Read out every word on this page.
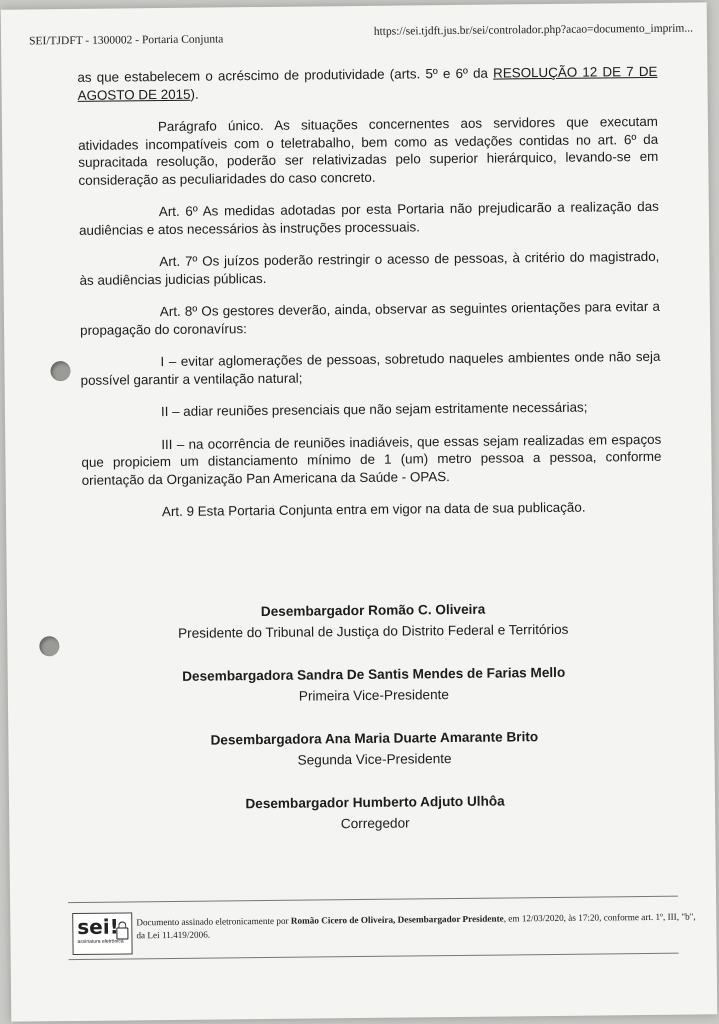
SEI/TJDFT - 1300002 - Portaria Conjunta
https://sei.tjdft.jus.br/sei/controlador.php?acao=documento_imprim...

as que estabelecem o acréscimo de produtividade (arts. 5º e 6º da RESOLUÇÃO 12 DE 7 DE AGOSTO DE 2015).

Parágrafo único. As situações concernentes aos servidores que executam atividades incompatíveis com o teletrabalho, bem como as vedações contidas no art. 6º da supracitada resolução, poderão ser relativizadas pelo superior hierárquico, levando-se em consideração as peculiaridades do caso concreto.

Art. 6º As medidas adotadas por esta Portaria não prejudicarão a realização das audiências e atos necessários às instruções processuais.

Art. 7º Os juízos poderão restringir o acesso de pessoas, à critério do magistrado, às audiências judicias públicas.

Art. 8º Os gestores deverão, ainda, observar as seguintes orientações para evitar a propagação do coronavírus:

I – evitar aglomerações de pessoas, sobretudo naqueles ambientes onde não seja possível garantir a ventilação natural;

II – adiar reuniões presenciais que não sejam estritamente necessárias;

III – na ocorrência de reuniões inadiáveis, que essas sejam realizadas em espaços que propiciem um distanciamento mínimo de 1 (um) metro pessoa a pessoa, conforme orientação da Organização Pan Americana da Saúde - OPAS.

Art. 9 Esta Portaria Conjunta entra em vigor na data de sua publicação.

Desembargador Romão C. Oliveira
Presidente do Tribunal de Justiça do Distrito Federal e Territórios
Desembargadora Sandra De Santis Mendes de Farias Mello
Primeira Vice-Presidente
Desembargadora Ana Maria Duarte Amarante Brito
Segunda Vice-Presidente
Desembargador Humberto Adjuto Ulhôa
Corregedor
sei!
assinatura eletrônica
Documento assinado eletronicamente por Romão Cicero de Oliveira, Desembargador Presidente, em 12/03/2020, às 17:20, conforme art. 1º, III, "b", da Lei 11.419/2006.
